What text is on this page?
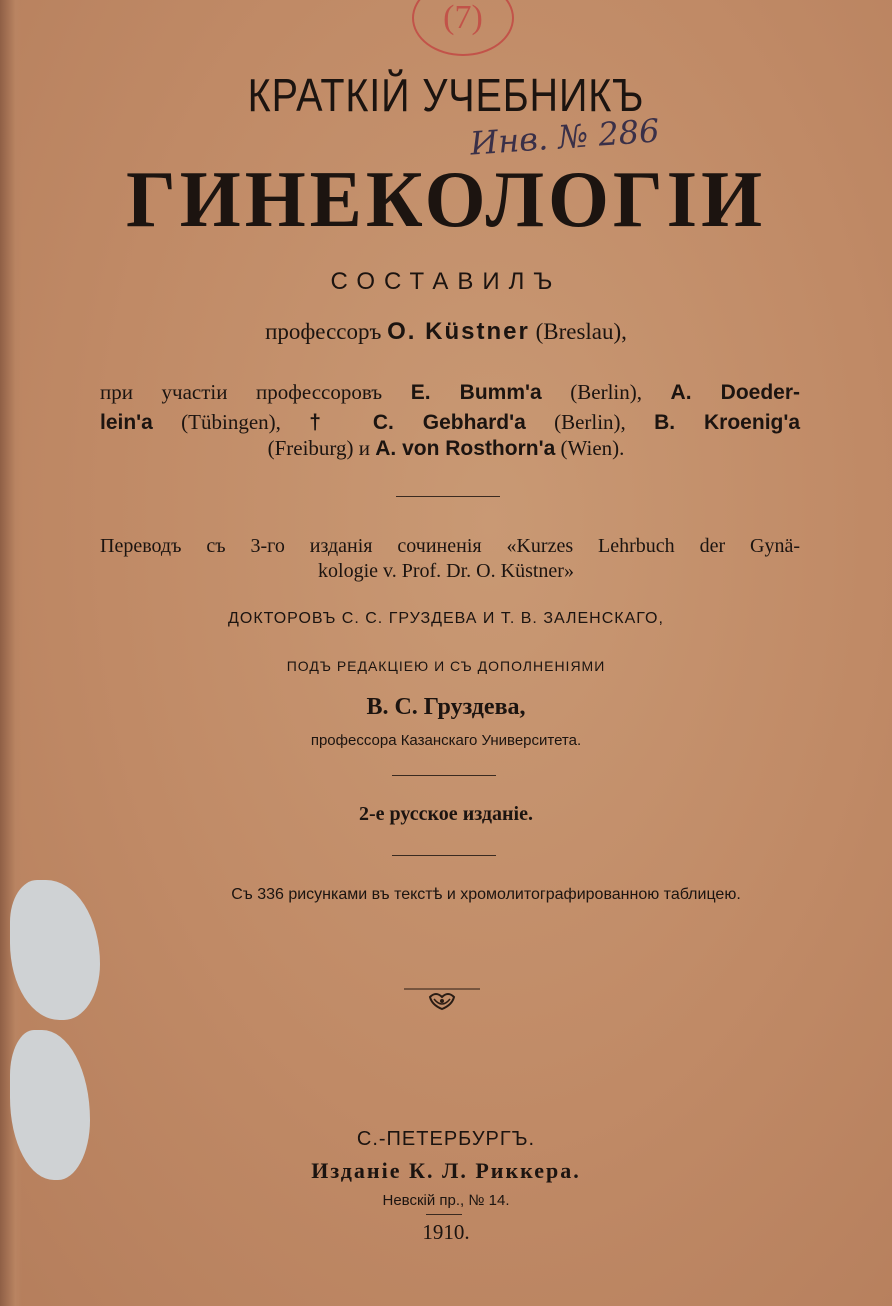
(7)
КРАТКІЙ УЧЕБНИКЪ
Инв. № 286
ГИНЕКОЛОГІИ
СОСТАВИЛЪ
профессоръ O. Küstner (Breslau),
при участіи профессоровъ E. Bumm'a (Berlin), A. Doeder-
lein'a (Tübingen), † C. Gebhard'a (Berlin), B. Kroenig'a
(Freiburg) и A. von Rosthorn'a (Wien).
Переводъ съ 3-го изданія сочиненія «Kurzes Lehrbuch der Gynä-
kologie v. Prof. Dr. O. Küstner»
ДОКТОРОВЪ С. С. ГРУЗДЕВА И Т. В. ЗАЛЕНСКАГО,
ПОДЪ РЕДАКЦІЕЮ И СЪ ДОПОЛНЕНІЯМИ
В. С. Груздева,
профессора Казанскаго Университета.
2-е русское изданіе.
Съ 336 рисунками въ текстѣ и хромолитографированною таблицею.
С.-ПЕТЕРБУРГЪ.
Изданіе К. Л. Риккера.
Невскій пр., № 14.
1910.
